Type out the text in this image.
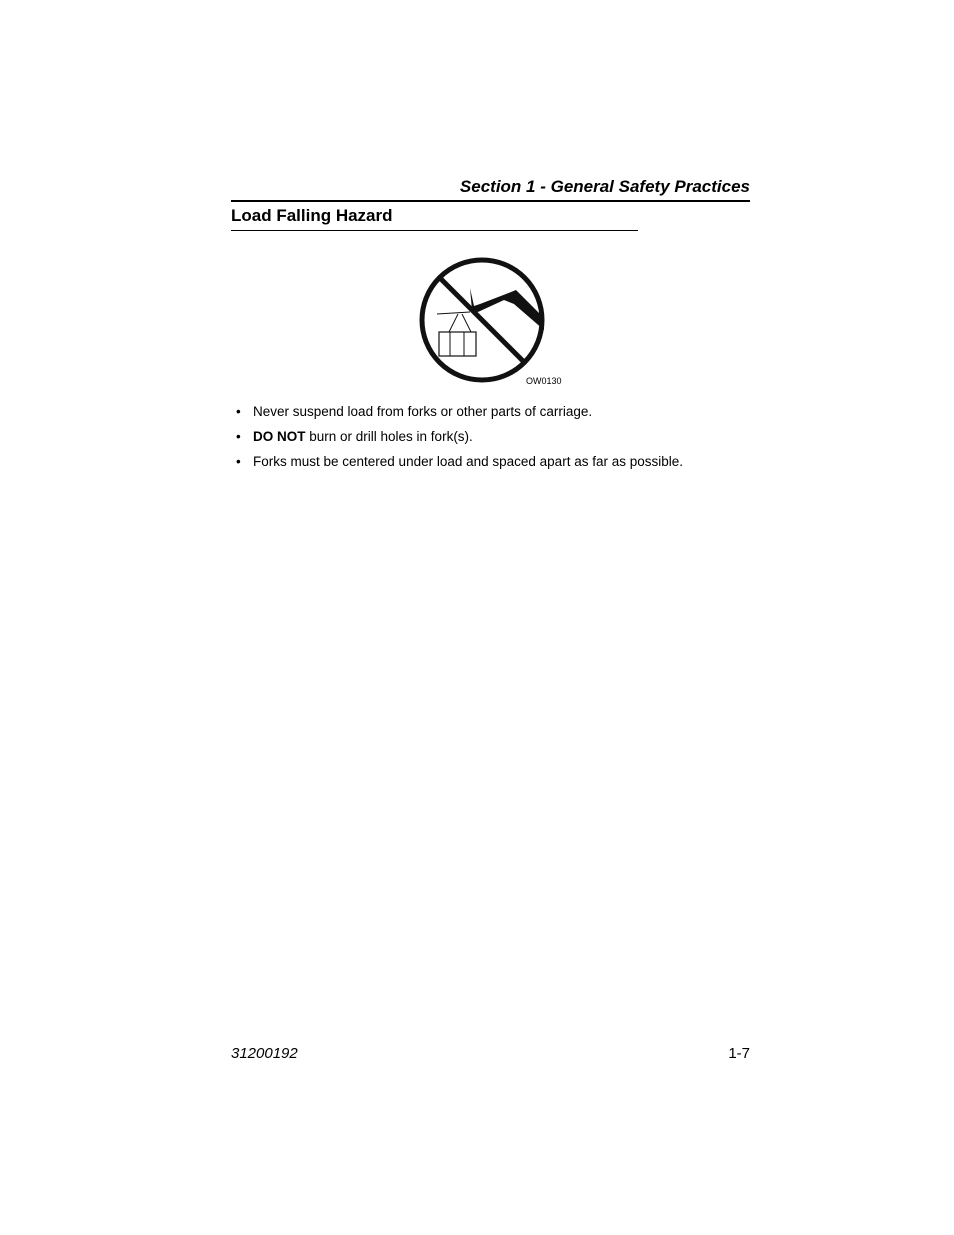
Section 1 - General Safety Practices
Load Falling Hazard
OW0130
• Never suspend load from forks or other parts of carriage.
• DO NOT burn or drill holes in fork(s).
• Forks must be centered under load and spaced apart as far as possible.
31200192	1-7
